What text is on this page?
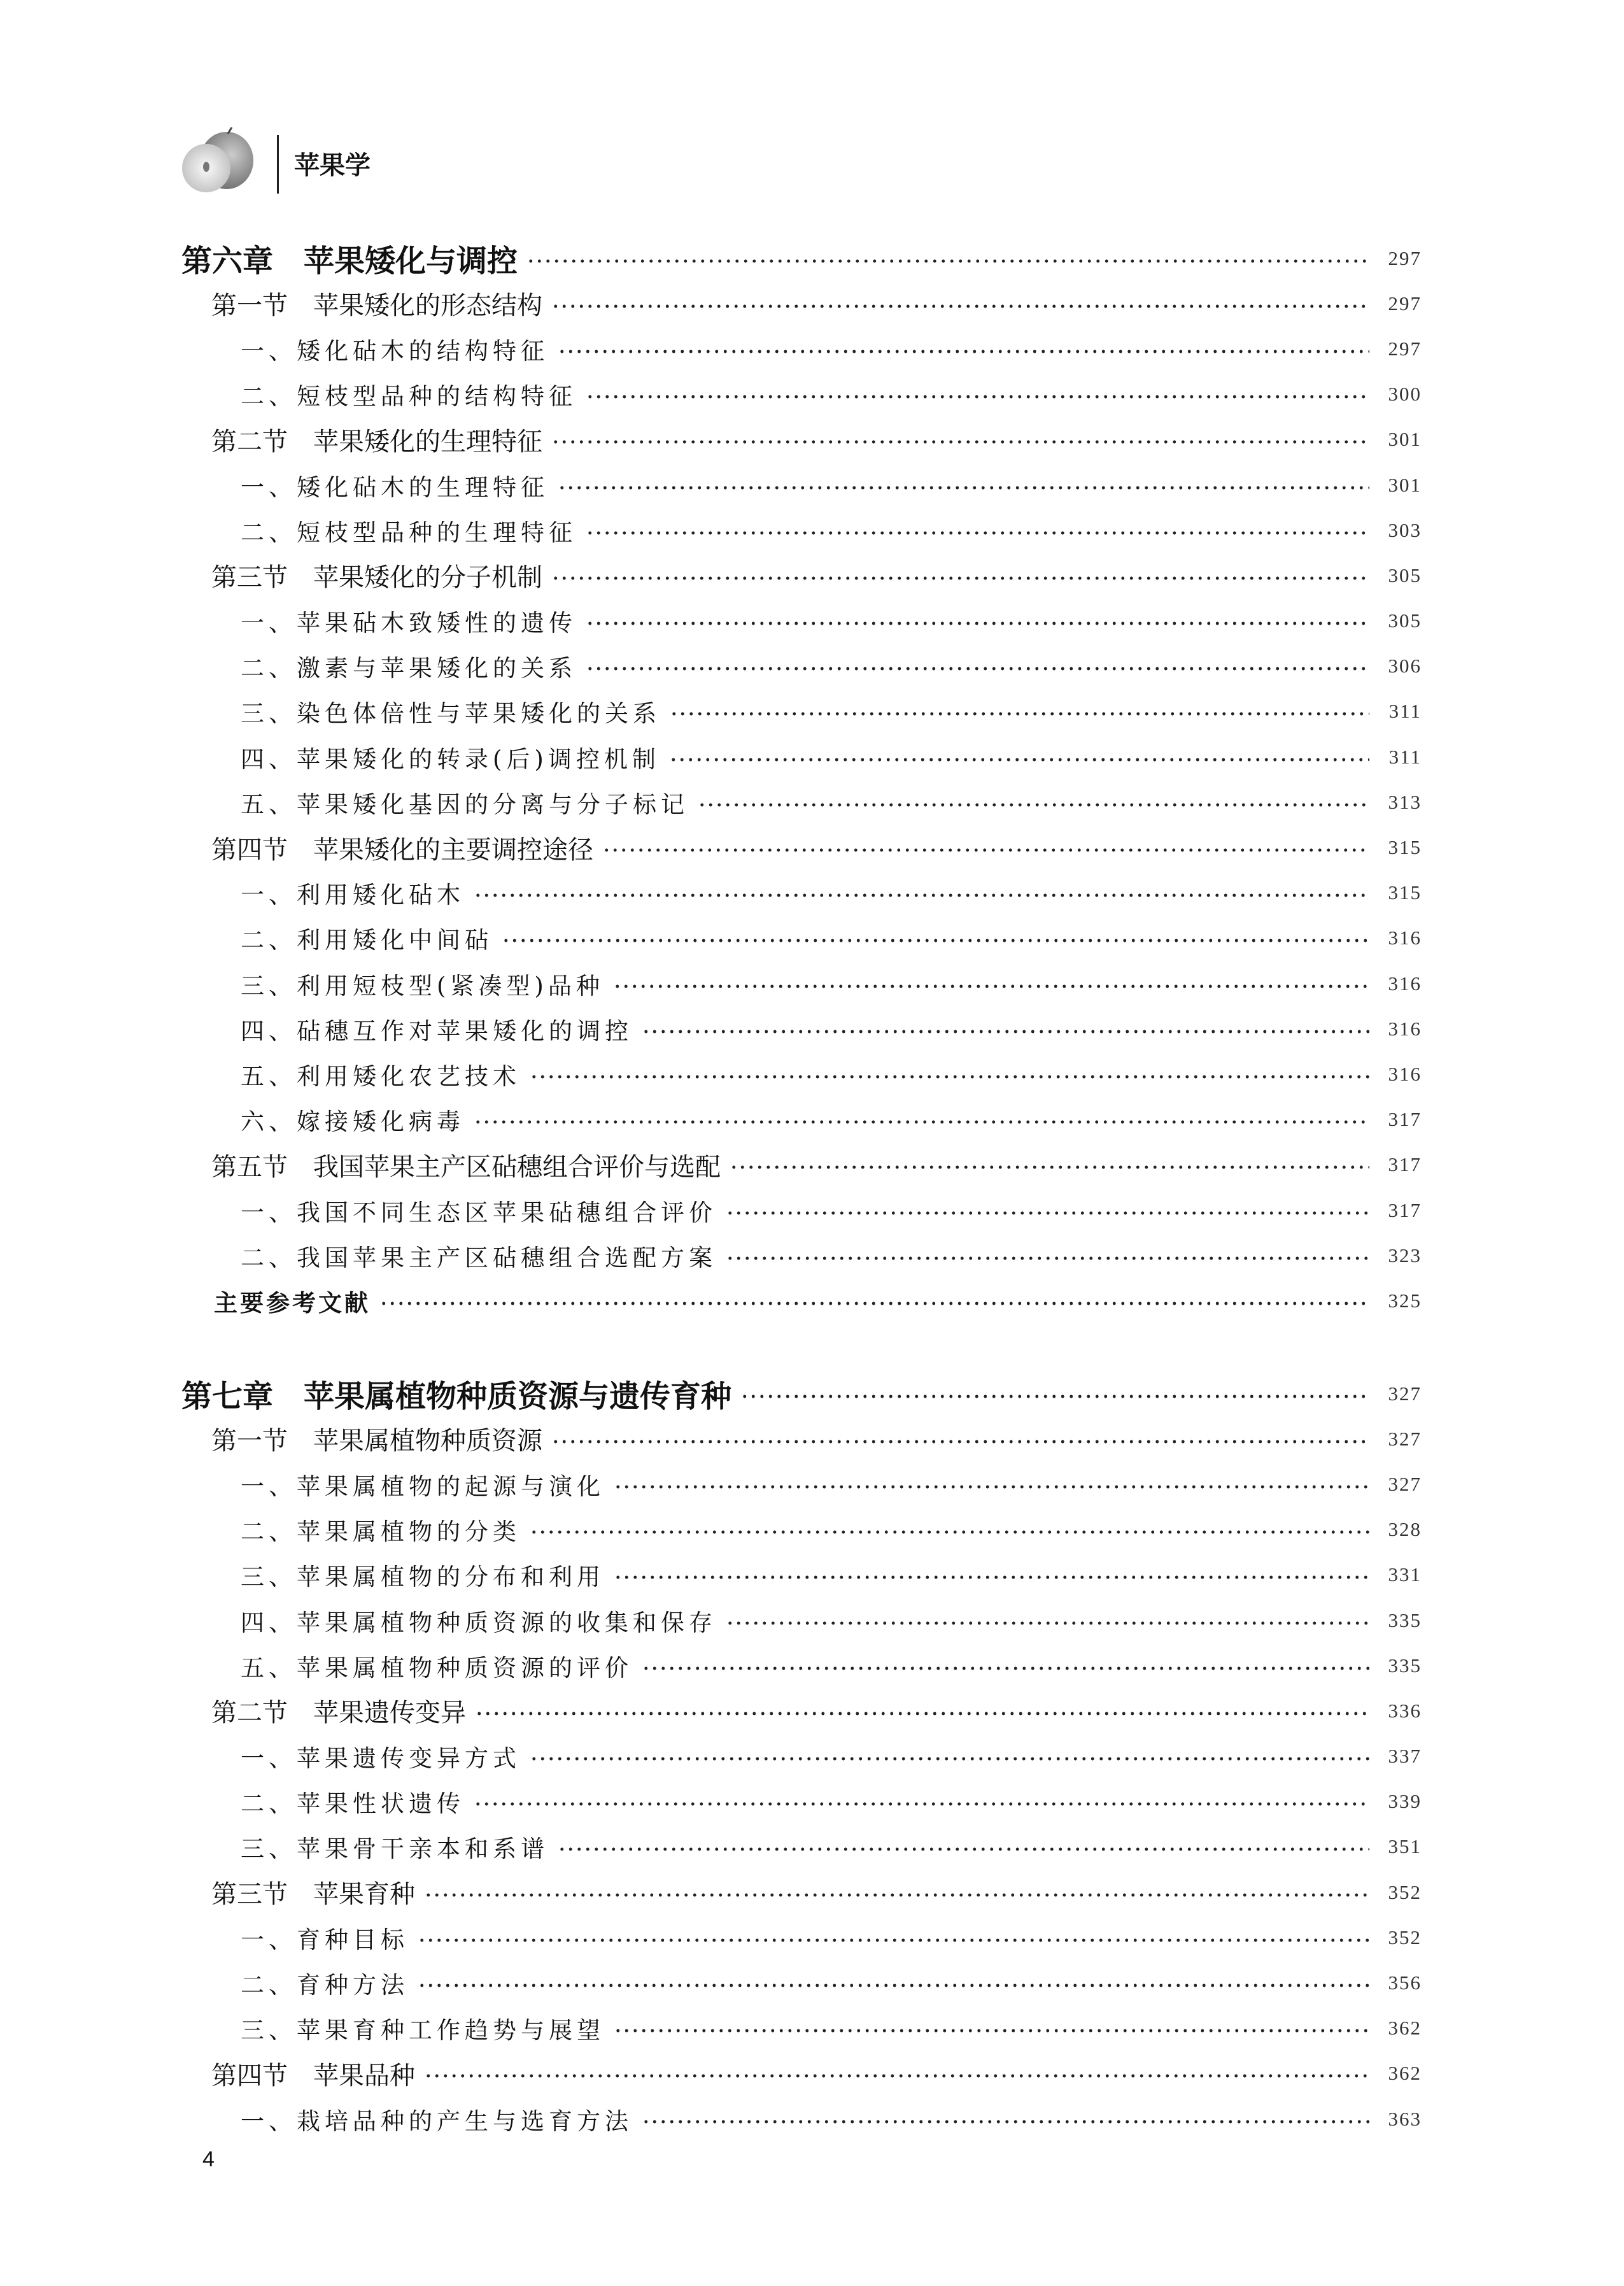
苹果学
第六章　苹果矮化与调控	297
第一节　苹果矮化的形态结构	297
一、矮化砧木的结构特征	297
二、短枝型品种的结构特征	300
第二节　苹果矮化的生理特征	301
一、矮化砧木的生理特征	301
二、短枝型品种的生理特征	303
第三节　苹果矮化的分子机制	305
一、苹果砧木致矮性的遗传	305
二、激素与苹果矮化的关系	306
三、染色体倍性与苹果矮化的关系	311
四、苹果矮化的转录(后)调控机制	311
五、苹果矮化基因的分离与分子标记	313
第四节　苹果矮化的主要调控途径	315
一、利用矮化砧木	315
二、利用矮化中间砧	316
三、利用短枝型(紧凑型)品种	316
四、砧穗互作对苹果矮化的调控	316
五、利用矮化农艺技术	316
六、嫁接矮化病毒	317
第五节　我国苹果主产区砧穗组合评价与选配	317
一、我国不同生态区苹果砧穗组合评价	317
二、我国苹果主产区砧穗组合选配方案	323
主要参考文献	325
第七章　苹果属植物种质资源与遗传育种	327
第一节　苹果属植物种质资源	327
一、苹果属植物的起源与演化	327
二、苹果属植物的分类	328
三、苹果属植物的分布和利用	331
四、苹果属植物种质资源的收集和保存	335
五、苹果属植物种质资源的评价	335
第二节　苹果遗传变异	336
一、苹果遗传变异方式	337
二、苹果性状遗传	339
三、苹果骨干亲本和系谱	351
第三节　苹果育种	352
一、育种目标	352
二、育种方法	356
三、苹果育种工作趋势与展望	362
第四节　苹果品种	362
一、栽培品种的产生与选育方法	363
4
